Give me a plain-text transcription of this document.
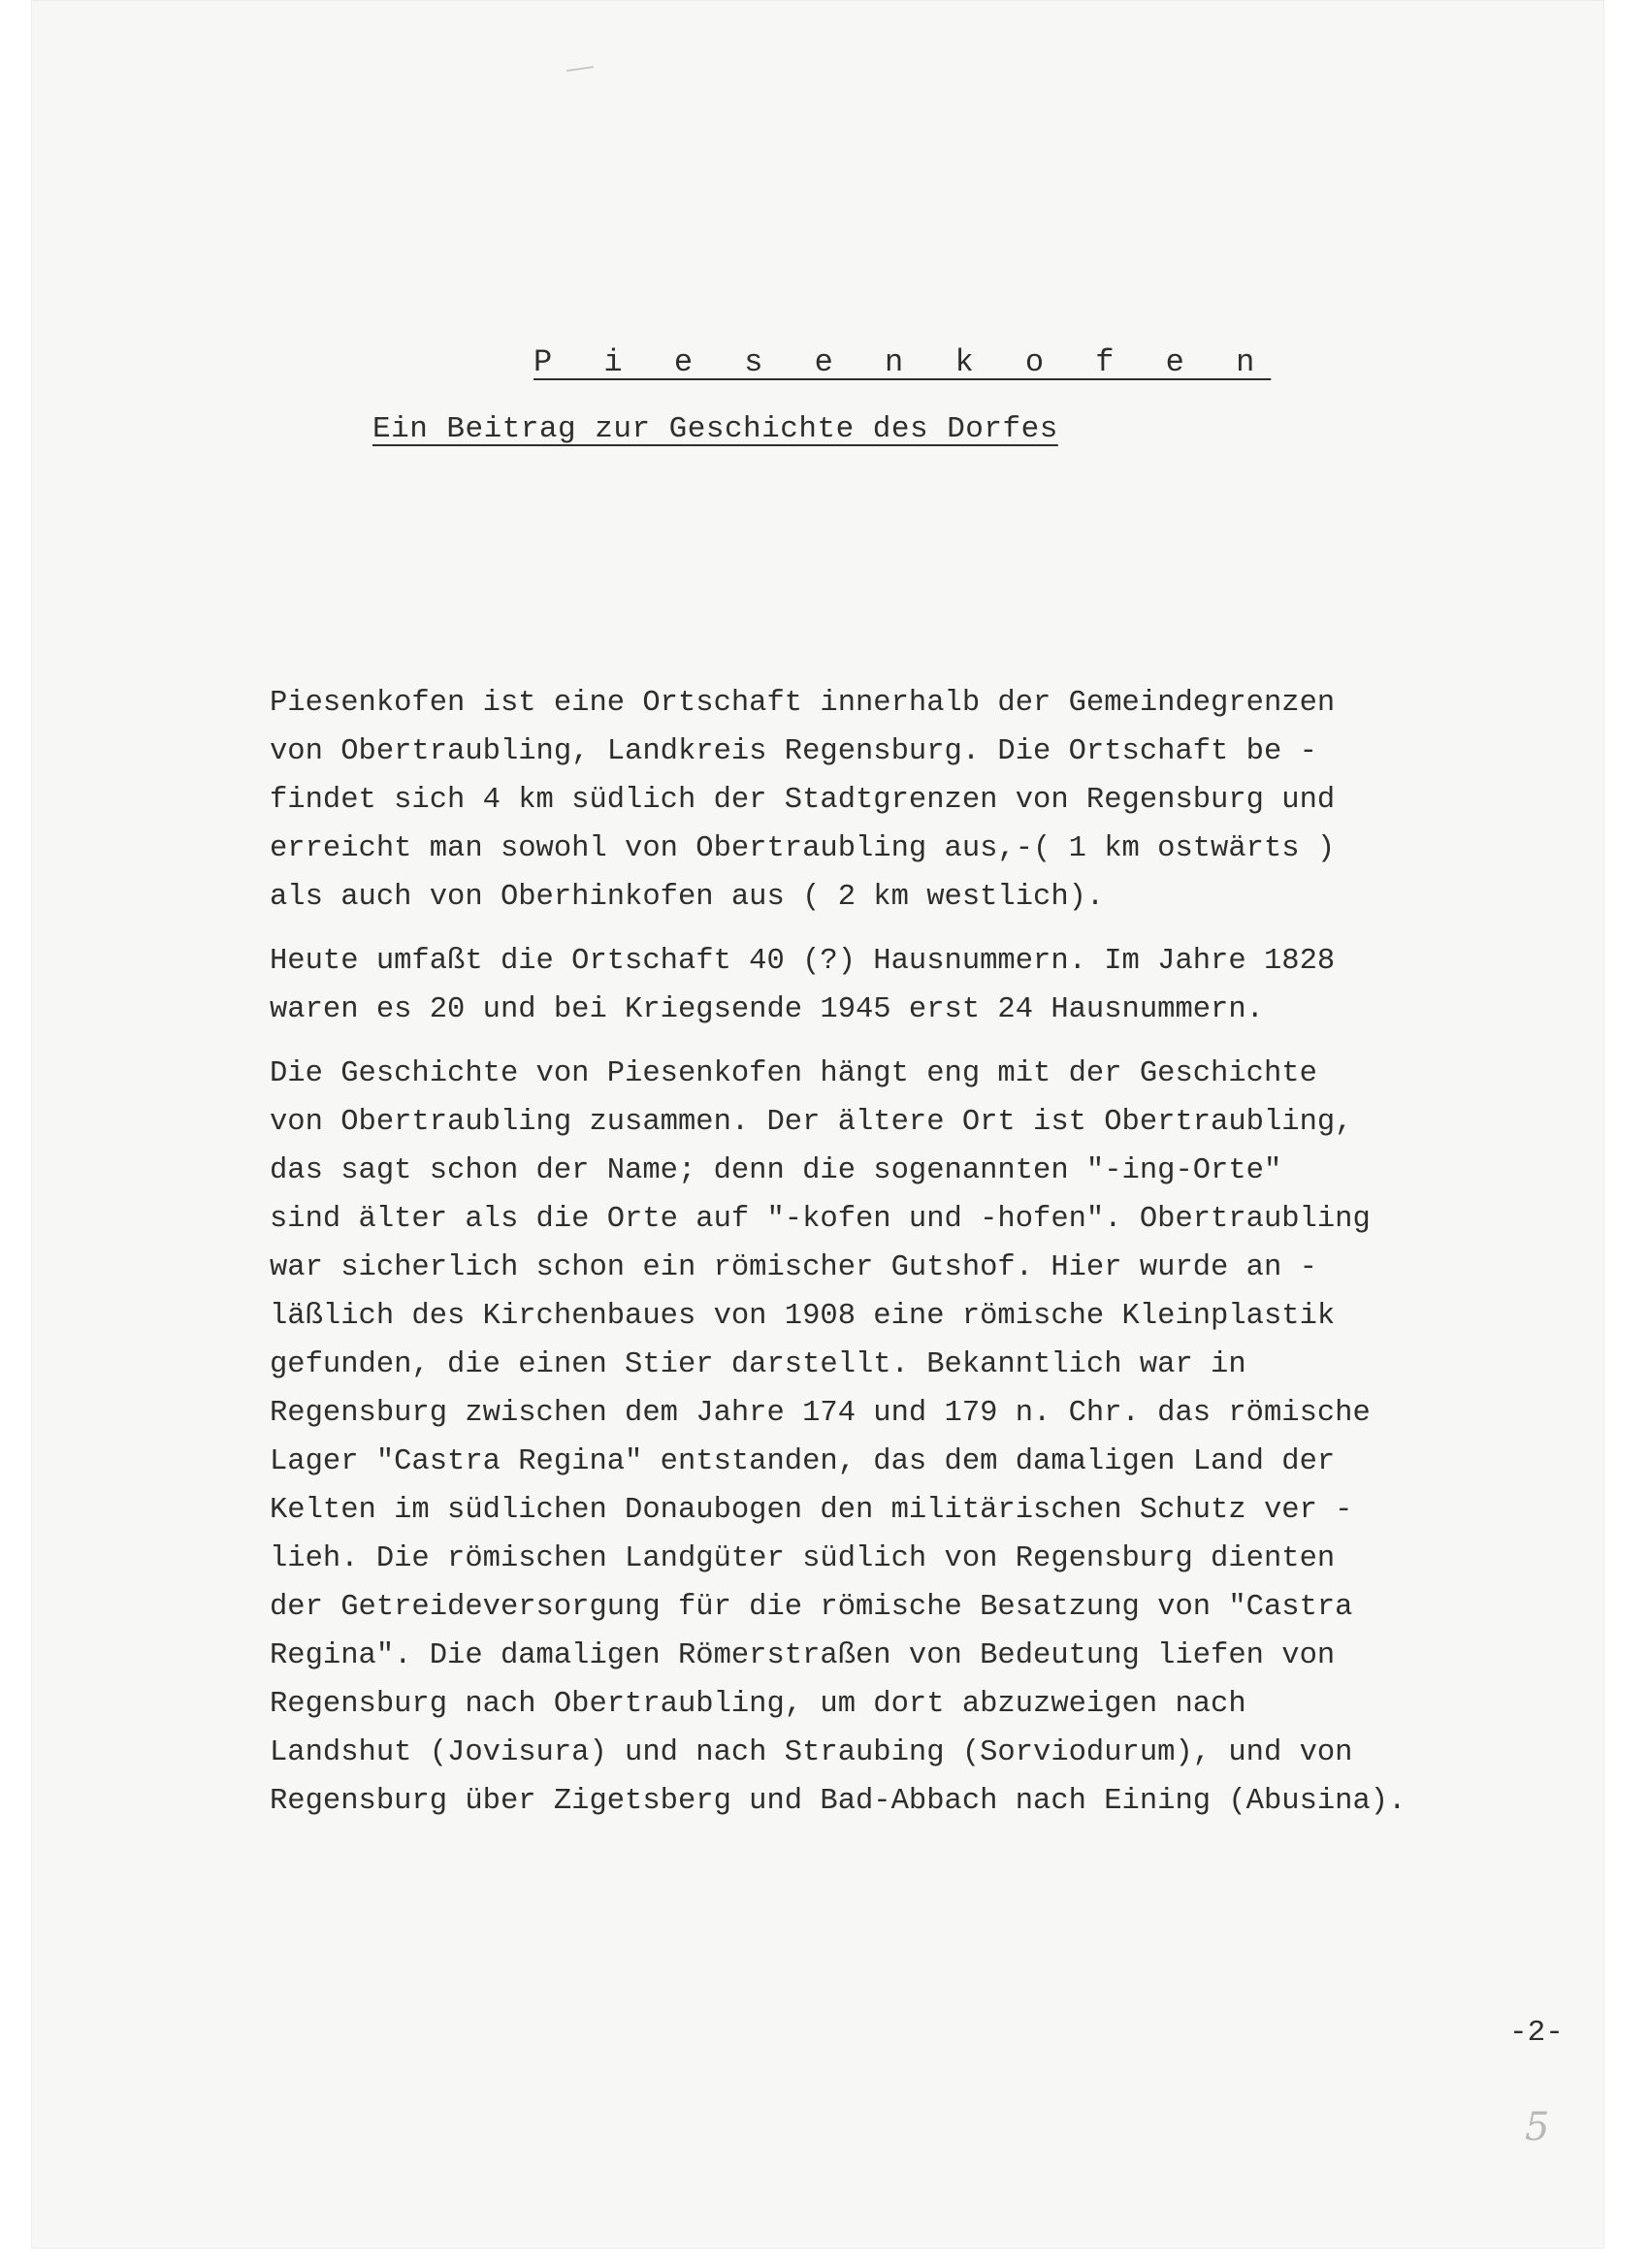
P i e s e n k o f e n
Ein Beitrag zur Geschichte des Dorfes
Piesenkofen ist eine Ortschaft innerhalb der Gemeindegrenzen
von Obertraubling, Landkreis Regensburg. Die Ortschaft be -
findet sich 4 km südlich der Stadtgrenzen von Regensburg und
erreicht man sowohl von Obertraubling aus,-( 1 km ostwärts )
als auch von Oberhinkofen aus ( 2 km westlich).
Heute umfaßt die Ortschaft 40 (?) Hausnummern. Im Jahre 1828
waren es 20 und bei Kriegsende 1945 erst 24 Hausnummern.
Die Geschichte von Piesenkofen hängt eng mit der Geschichte
von Obertraubling zusammen. Der ältere Ort ist Obertraubling,
das sagt schon der Name; denn die sogenannten "-ing-Orte"
sind älter als die Orte auf "-kofen und -hofen". Obertraubling
war sicherlich schon ein römischer Gutshof. Hier wurde an -
läßlich des Kirchenbaues von 1908 eine römische Kleinplastik
gefunden, die einen Stier darstellt. Bekanntlich war in
Regensburg zwischen dem Jahre 174 und 179 n. Chr. das römische
Lager "Castra Regina" entstanden, das dem damaligen Land der
Kelten im südlichen Donaubogen den militärischen Schutz ver -
lieh. Die römischen Landgüter südlich von Regensburg dienten
der Getreideversorgung für die römische Besatzung von "Castra
Regina". Die damaligen Römerstraßen von Bedeutung liefen von
Regensburg nach Obertraubling, um dort abzuzweigen nach
Landshut (Jovisura) und nach Straubing (Sorviodurum), und von
Regensburg über Zigetsberg und Bad-Abbach nach Eining (Abusina).
-2-
5
